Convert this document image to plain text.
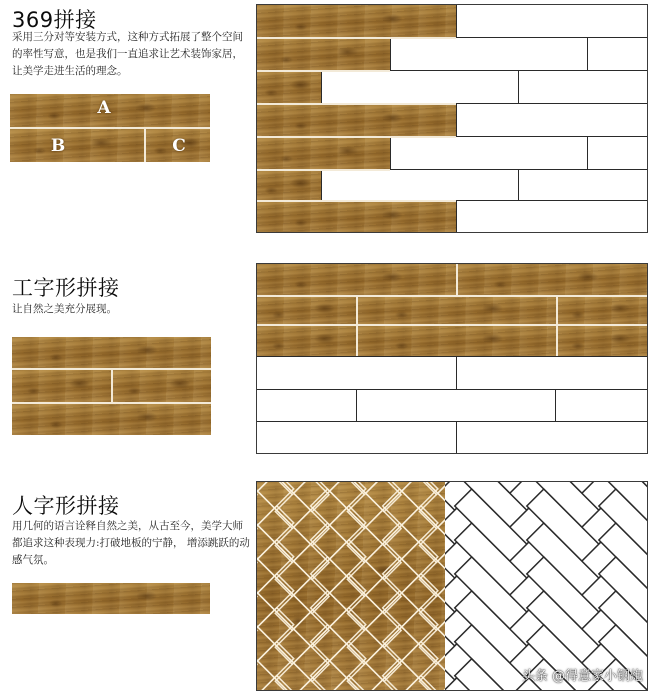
369拼接
采用三分对等安装方式，这种方式拓展了整个空间的率性写意，也是我们一直追求让艺术装饰家居，让美学走进生活的理念。
A
B	C
工字形拼接
让自然之美充分展现。
人字形拼接
用几何的语言诠释自然之美，从古至今，美学大师都追求这种表现力:打破地板的宁静， 增添跳跃的动感气氛。
头条 @得意家小钢炮
